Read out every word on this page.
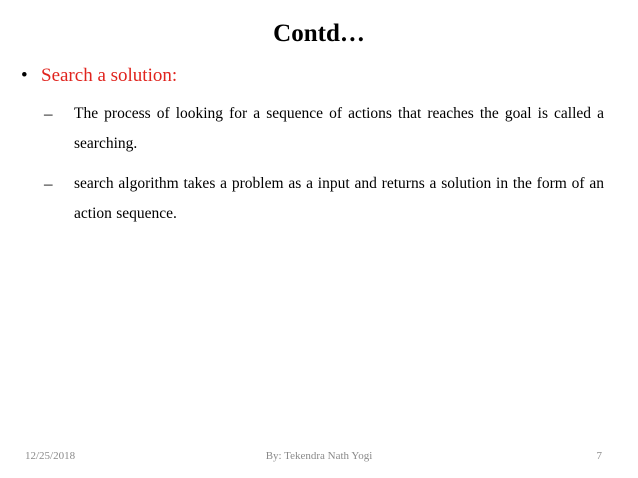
Contd…
• Search a solution:
– The process of looking for a sequence of actions that reaches the goal is called a searching.
– search algorithm takes a problem as a input and returns a solution in the form of an action sequence.
By: Tekendra Nath Yogi
12/25/2018	7
